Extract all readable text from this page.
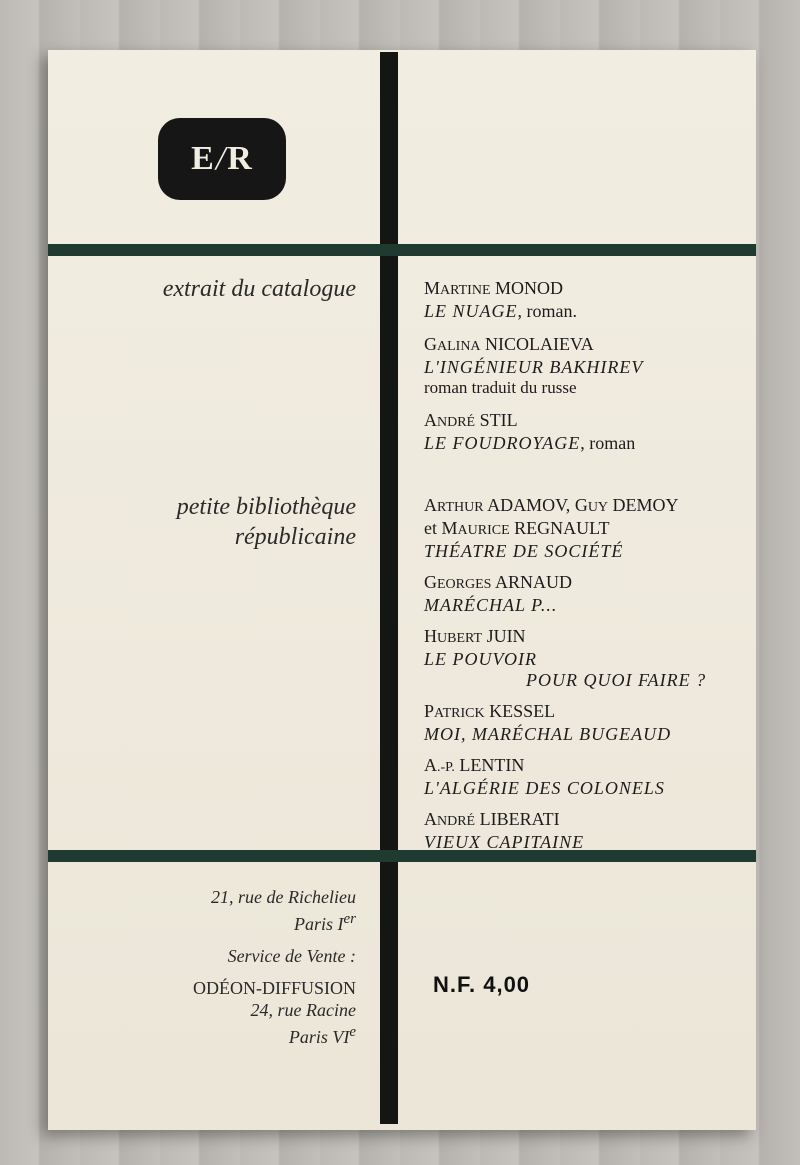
E / R
extrait du catalogue
petite bibliothèque
républicaine
MARTINE MONOD
LE NUAGE, roman.
GALINA NICOLAIEVA
L'INGÉNIEUR BAKHIREV
roman traduit du russe
ANDRÉ STIL
LE FOUDROYAGE, roman
ARTHUR ADAMOV, GUY DEMOY
et MAURICE REGNAULT
THÉATRE DE SOCIÉTÉ
GEORGES ARNAUD
MARÉCHAL P...
HUBERT JUIN
LE POUVOIR
POUR QUOI FAIRE ?
PATRICK KESSEL
MOI, MARÉCHAL BUGEAUD
A.-P. LENTIN
L'ALGÉRIE DES COLONELS
ANDRÉ LIBERATI
VIEUX CAPITAINE
21, rue de Richelieu
Paris Ier
Service de Vente :
ODÉON-DIFFUSION
24, rue Racine
Paris VIe
N.F. 4,00
